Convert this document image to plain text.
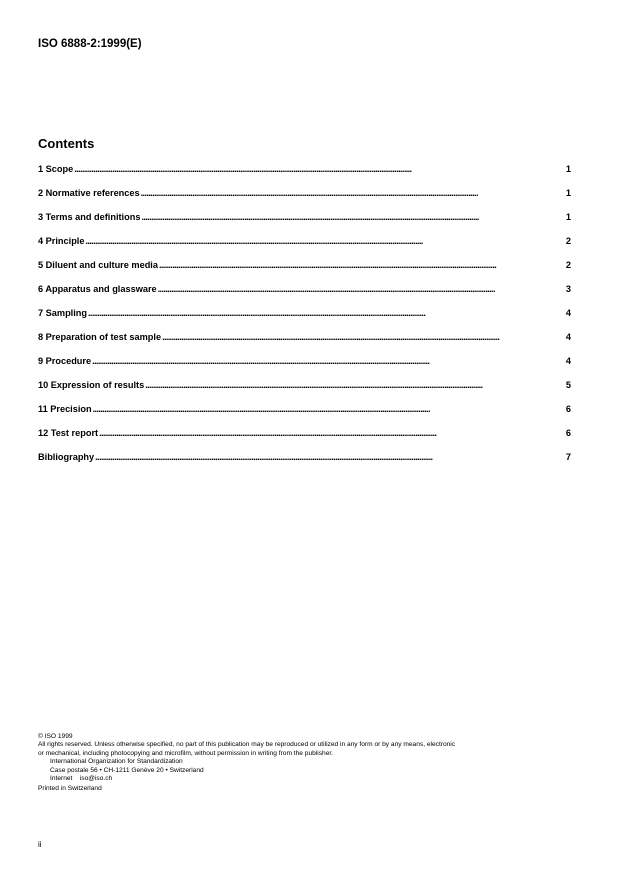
ISO 6888-2:1999(E)
Contents
1 Scope . . .	1
2 Normative references . . .	1
3 Terms and definitions . . .	1
4 Principle . . .	2
5 Diluent and culture media . . .	2
6 Apparatus and glassware . . .	3
7 Sampling . . .	4
8 Preparation of test sample . . .	4
9 Procedure . . .	4
10 Expression of results . . .	5
11 Precision . . .	6
12 Test report . . .	6
Bibliography . . .	7

© ISO 1999

All rights reserved. Unless otherwise specified, no part of this publication may be reproduced or utilized in any form or by any means, electronic

or mechanical, including photocopying and microfilm, without permission in writing from the publisher.

International Organization for Standardization

Case postale 56 • CH-1211 Genève 20 • Switzerland

Internet iso@iso.ch

Printed in Switzerland

ii
